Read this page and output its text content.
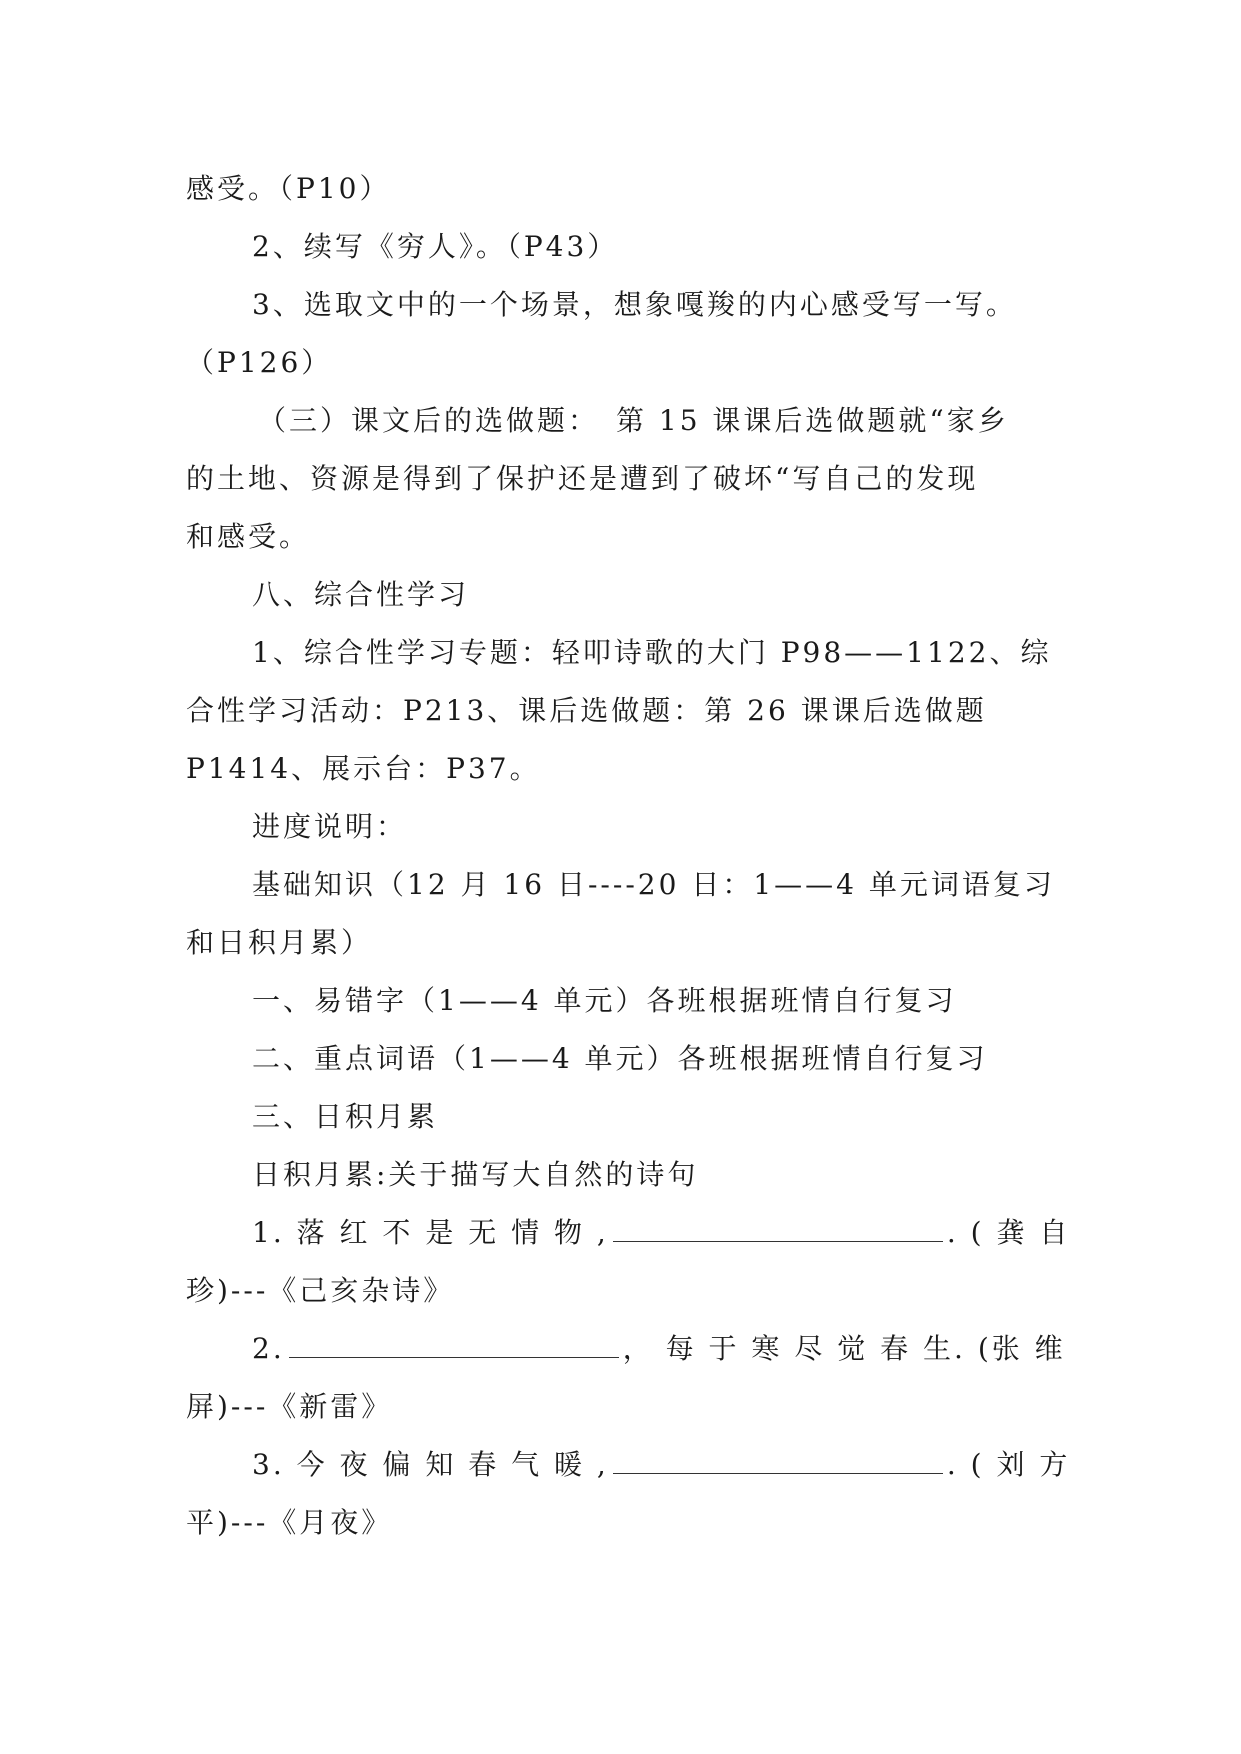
感受。（P10）
2、续写《穷人》。（P43）
3、选取文中的一个场景，想象嘎羧的内心感受写一写。
（P126）
（三）课文后的选做题：　第 15 课课后选做题就“家乡
的土地、资源是得到了保护还是遭到了破坏“写自己的发现
和感受。
八、综合性学习
1、综合性学习专题：轻叩诗歌的大门 P98——1122、综
合性学习活动：P213、课后选做题：第 26 课课后选做题
P1414、展示台：P37。
进度说明：
基础知识（12 月 16 日----20 日：1——4 单元词语复习
和日积月累）
一、易错字（1——4 单元）各班根据班情自行复习
二、重点词语（1——4 单元）各班根据班情自行复习
三、日积月累
日积月累:关于描写大自然的诗句
1. 落 红 不 是 无 情 物 ,	. ( 龚 自
珍)---《己亥杂诗》
2.	， 每 于 寒 尽 觉 春 生. (张 维
屏)---《新雷》
3. 今 夜 偏 知 春 气 暖 ,	. ( 刘 方
平)---《月夜》
